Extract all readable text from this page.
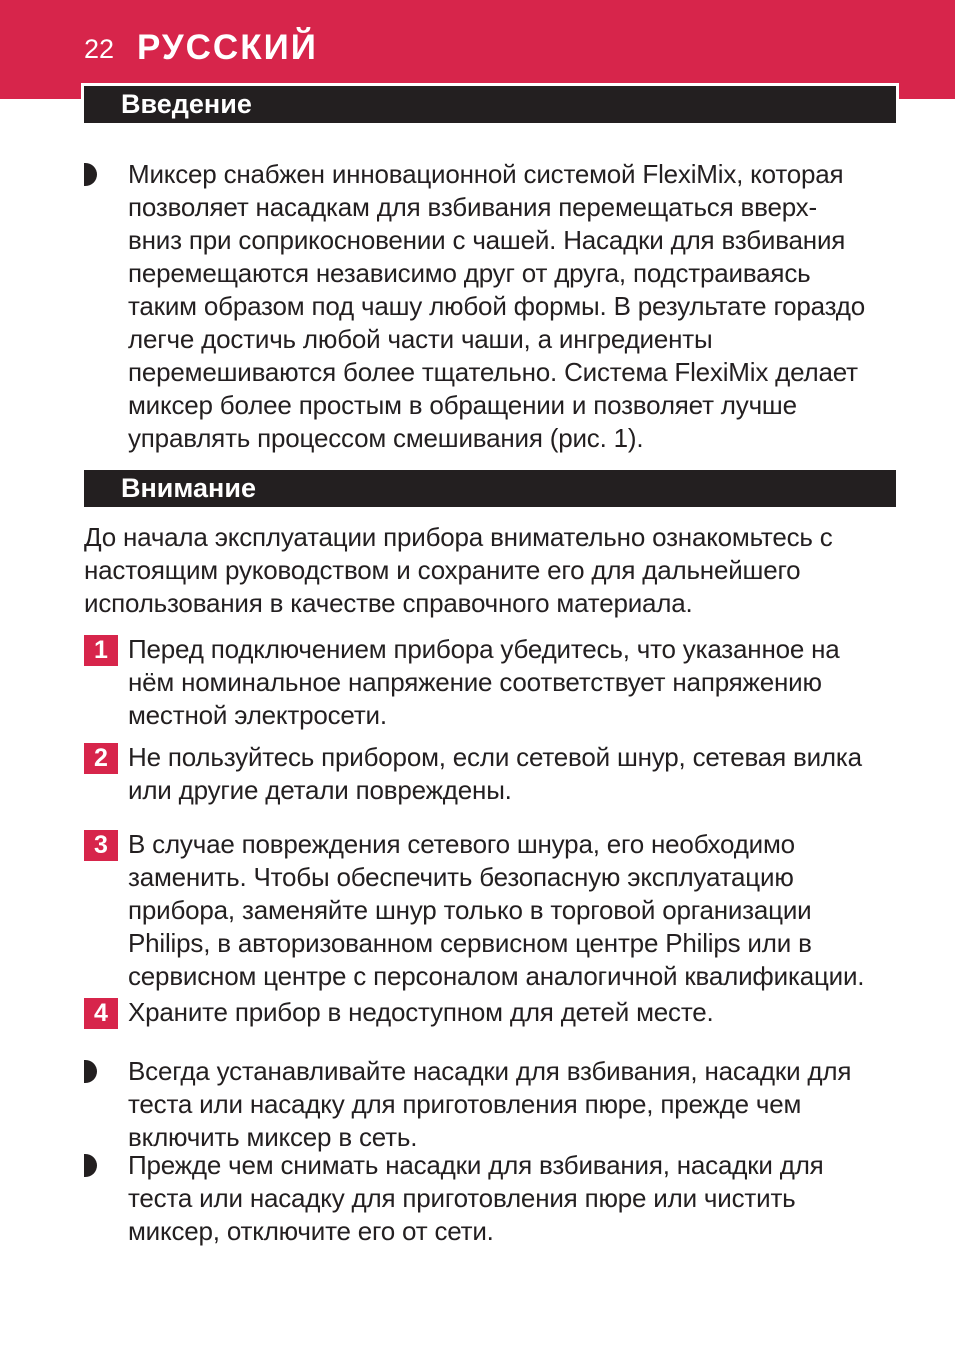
22 РУССКИЙ
Введение

Миксер снабжен инновационной системой FlexiMix, которая позволяет насадкам для взбивания перемещаться вверх-вниз при соприкосновении с чашей. Насадки для взбивания перемещаются независимо друг от друга, подстраиваясь таким образом под чашу любой формы. В результате гораздо легче достичь любой части чаши, а ингредиенты перемешиваются более тщательно. Система FlexiMix делает миксер более простым в обращении и позволяет лучше управлять процессом смешивания (рис. 1).

Внимание

До начала эксплуатации прибора внимательно ознакомьтесь с настоящим руководством и сохраните его для дальнейшего использования в качестве справочного материала.

1 Перед подключением прибора убедитесь, что указанное на нём номинальное напряжение соответствует напряжению местной электросети.

2 Не пользуйтесь прибором, если сетевой шнур, сетевая вилка или другие детали повреждены.

3 В случае повреждения сетевого шнура, его необходимо заменить. Чтобы обеспечить безопасную эксплуатацию прибора, заменяйте шнур только в торговой организации Philips, в авторизованном сервисном центре Philips или в сервисном центре с персоналом аналогичной квалификации.

4 Храните прибор в недоступном для детей месте.

Всегда устанавливайте насадки для взбивания, насадки для теста или насадку для приготовления пюре, прежде чем включить миксер в сеть.

Прежде чем снимать насадки для взбивания, насадки для теста или насадку для приготовления пюре или чистить миксер, отключите его от сети.
